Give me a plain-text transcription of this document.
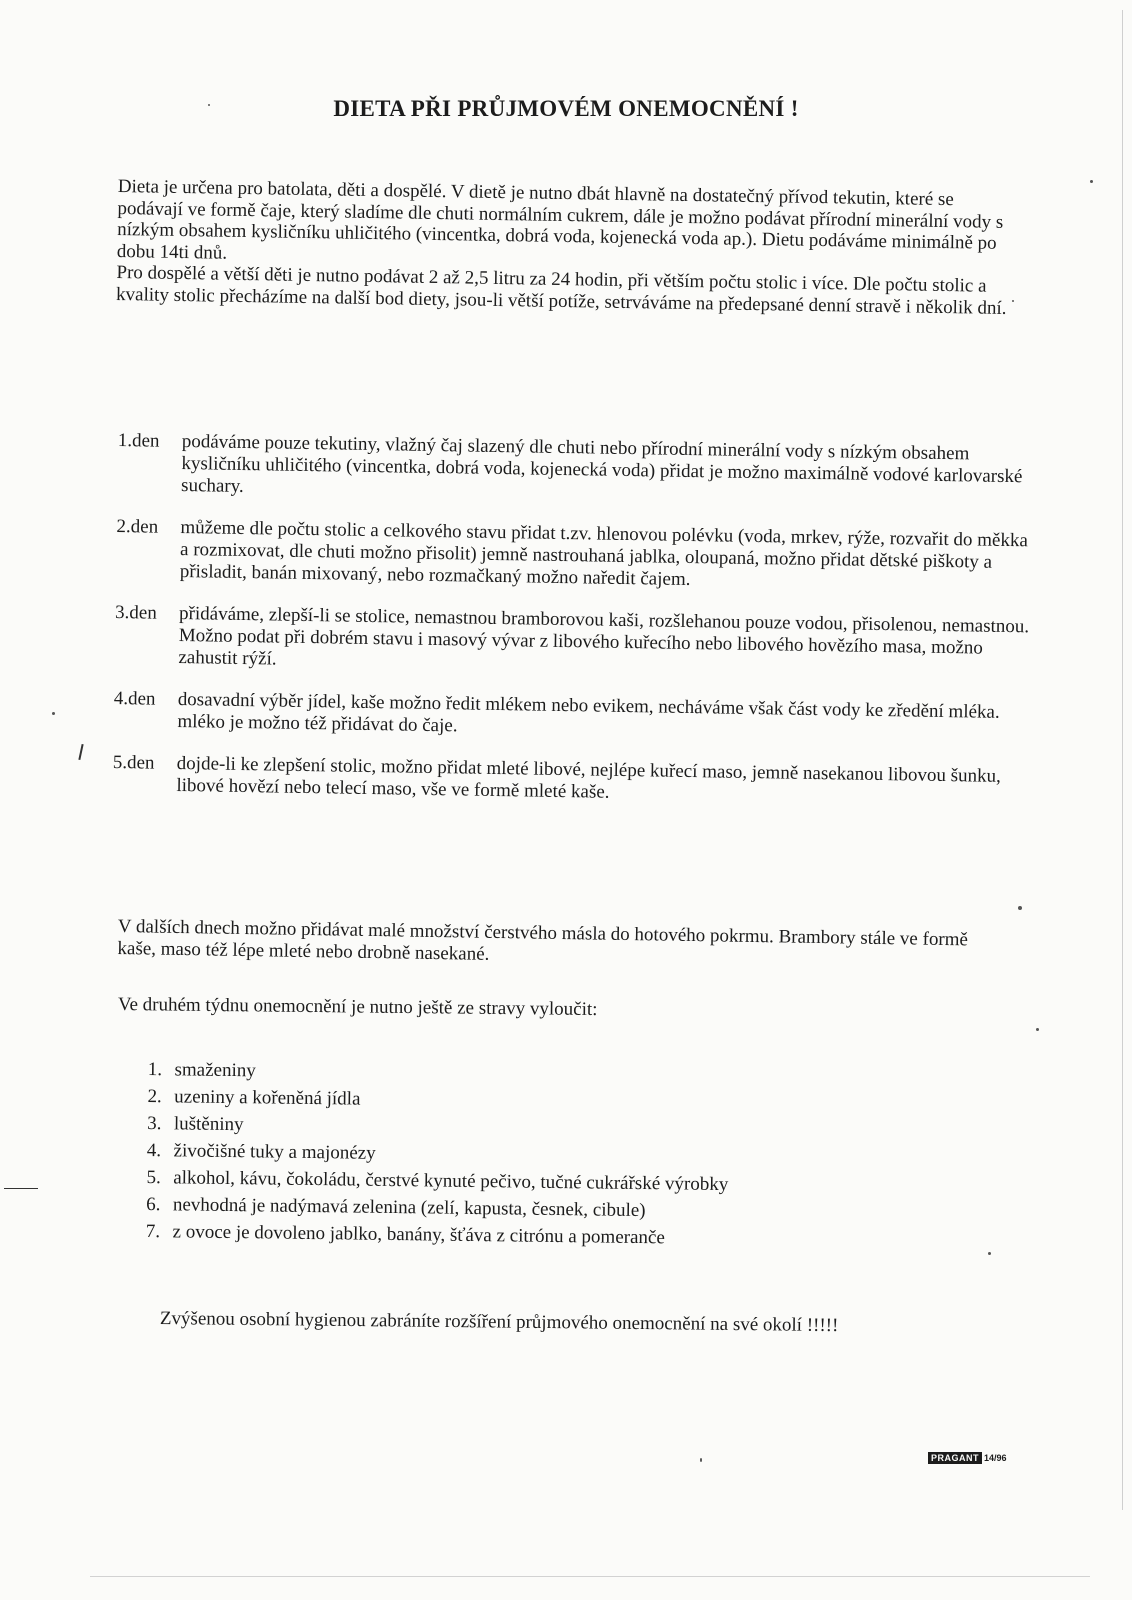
DIETA PŘI PRŮJMOVÉM ONEMOCNĚNÍ !

Dieta je určena pro batolata, děti a dospělé. V dietě je nutno dbát hlavně na dostatečný přívod tekutin, které se podávají ve formě čaje, který sladíme dle chuti normálním cukrem, dále je možno podávat přírodní minerální vody s nízkým obsahem kysličníku uhličitého (vincentka, dobrá voda, kojenecká voda ap.). Dietu podáváme minimálně po dobu 14ti dnů.

Pro dospělé a větší děti je nutno podávat 2 až 2,5 litru za 24 hodin, při větším počtu stolic i více. Dle počtu stolic a kvality stolic přecházíme na další bod diety, jsou-li větší potíže, setrváváme na předepsané denní stravě i několik dní.

1.den	podáváme pouze tekutiny, vlažný čaj slazený dle chuti nebo přírodní minerální vody s nízkým obsahem kysličníku uhličitého (vincentka, dobrá voda, kojenecká voda) přidat je možno maximálně vodové karlovarské suchary.
2.den	můžeme dle počtu stolic a celkového stavu přidat t.zv. hlenovou polévku (voda, mrkev, rýže, rozvařit do měkka a rozmixovat, dle chuti možno přisolit) jemně nastrouhaná jablka, oloupaná, možno přidat dětské piškoty a přisladit, banán mixovaný, nebo rozmačkaný možno naředit čajem.
3.den	přidáváme, zlepší-li se stolice, nemastnou bramborovou kaši, rozšlehanou pouze vodou, přisolenou, nemastnou. Možno podat při dobrém stavu i masový vývar z libového kuřecího nebo libového hovězího masa, možno zahustit rýží.
4.den	dosavadní výběr jídel, kaše možno ředit mlékem nebo evikem, necháváme však část vody ke zředění mléka. mléko je možno též přidávat do čaje.
5.den	dojde-li ke zlepšení stolic, možno přidat mleté libové, nejlépe kuřecí maso, jemně nasekanou libovou šunku, libové hovězí nebo telecí maso, vše ve formě mleté kaše.

V dalších dnech možno přidávat malé množství čerstvého másla do hotového pokrmu. Brambory stále ve formě kaše, maso též lépe mleté nebo drobně nasekané.

Ve druhém týdnu onemocnění je nutno ještě ze stravy vyloučit:
1. smaženiny
2. uzeniny a kořeněná jídla
3. luštěniny
4. živočišné tuky a majonézy
5. alkohol, kávu, čokoládu, čerstvé kynuté pečivo, tučné cukrářské výrobky
6. nevhodná je nadýmavá zelenina (zelí, kapusta, česnek, cibule)
7. z ovoce je dovoleno jablko, banány, šťáva z citrónu a pomeranče
Zvýšenou osobní hygienou zabráníte rozšíření průjmového onemocnění na své okolí !!!!!
PRAGANT 14/96
